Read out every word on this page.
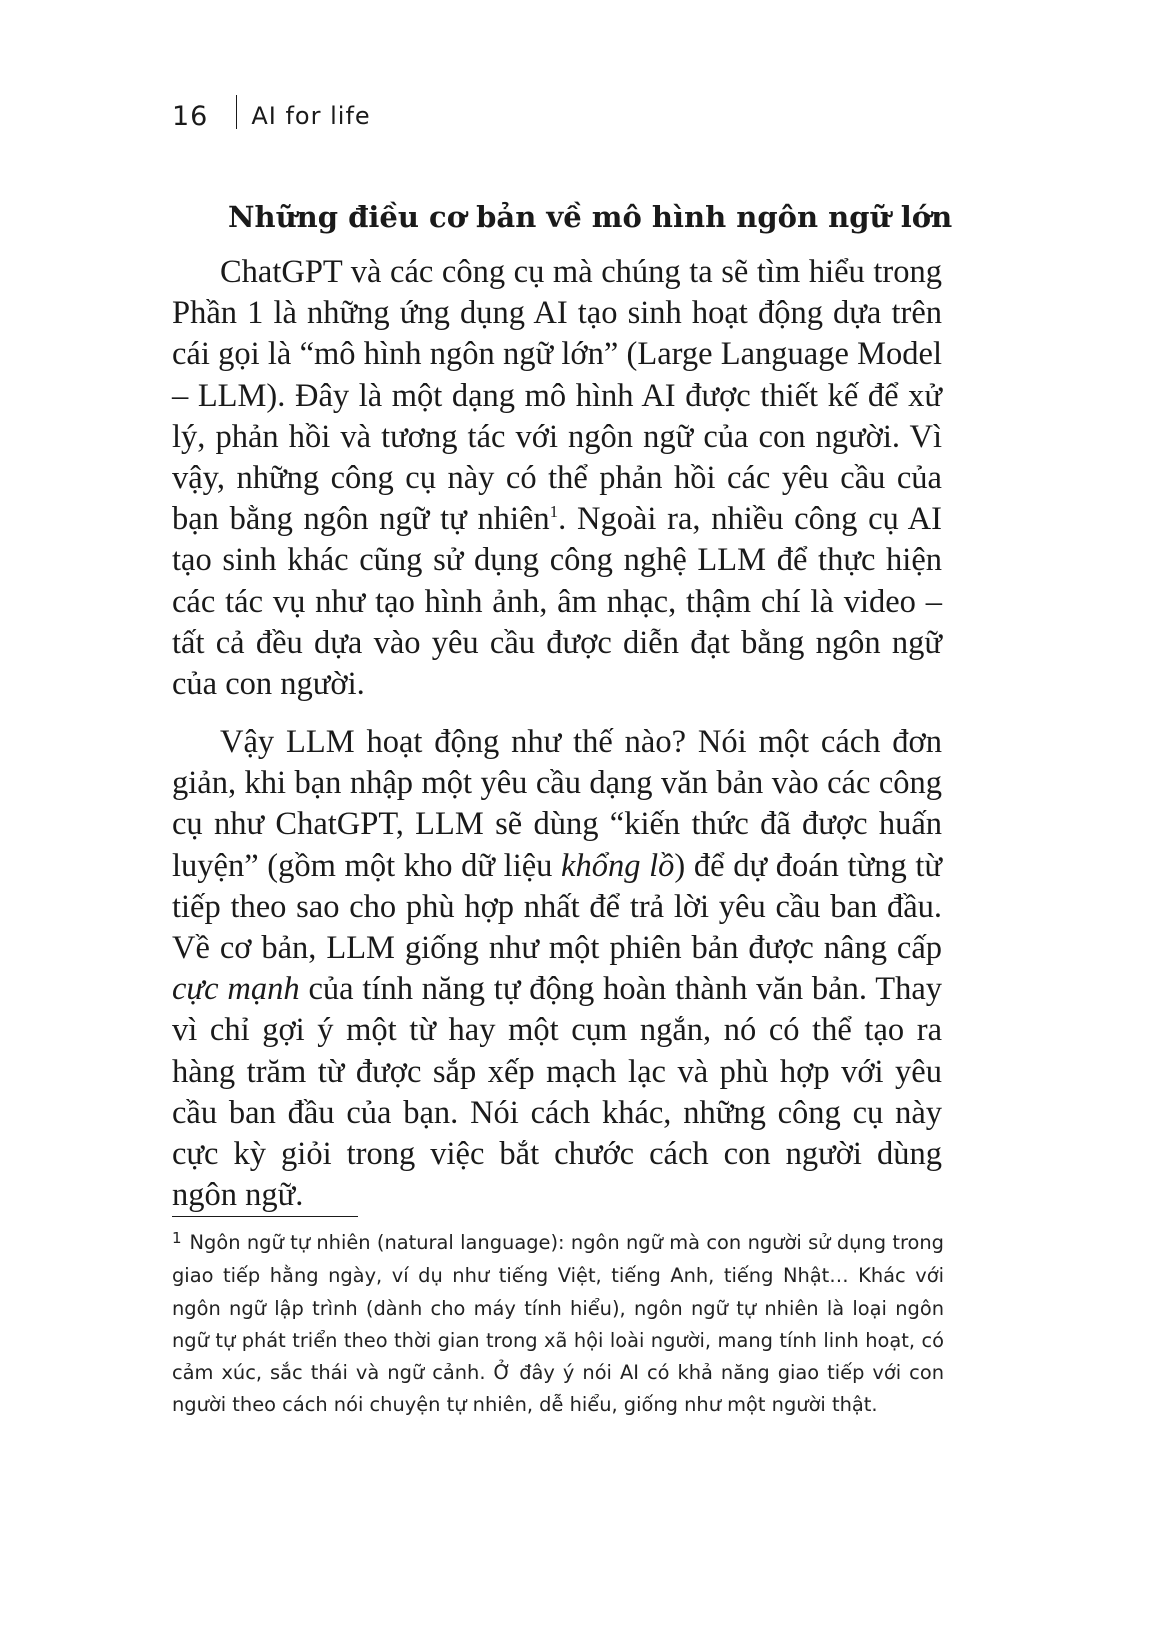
16 AI for life
Những điều cơ bản về mô hình ngôn ngữ lớn

ChatGPT và các công cụ mà chúng ta sẽ tìm hiểu trong Phần 1 là những ứng dụng AI tạo sinh hoạt động dựa trên cái gọi là “mô hình ngôn ngữ lớn” (Large Language Model – LLM). Đây là một dạng mô hình AI được thiết kế để xử lý, phản hồi và tương tác với ngôn ngữ của con người. Vì vậy, những công cụ này có thể phản hồi các yêu cầu của bạn bằng ngôn ngữ tự nhiên$^1$. Ngoài ra, nhiều công cụ AI tạo sinh khác cũng sử dụng công nghệ LLM để thực hiện các tác vụ như tạo hình ảnh, âm nhạc, thậm chí là video – tất cả đều dựa vào yêu cầu được diễn đạt bằng ngôn ngữ của con người.

Vậy LLM hoạt động như thế nào? Nói một cách đơn giản, khi bạn nhập một yêu cầu dạng văn bản vào các công cụ như ChatGPT, LLM sẽ dùng “kiến thức đã được huấn luyện” (gồm một kho dữ liệu khổng lồ) để dự đoán từng từ tiếp theo sao cho phù hợp nhất để trả lời yêu cầu ban đầu. Về cơ bản, LLM giống như một phiên bản được nâng cấp cực mạnh của tính năng tự động hoàn thành văn bản. Thay vì chỉ gợi ý một từ hay một cụm ngắn, nó có thể tạo ra hàng trăm từ được sắp xếp mạch lạc và phù hợp với yêu cầu ban đầu của bạn. Nói cách khác, những công cụ này cực kỳ giỏi trong việc bắt chước cách con người dùng ngôn ngữ.

$^1$ Ngôn ngữ tự nhiên (natural language): ngôn ngữ mà con người sử dụng trong giao tiếp hằng ngày, ví dụ như tiếng Việt, tiếng Anh, tiếng Nhật… Khác với ngôn ngữ lập trình (dành cho máy tính hiểu), ngôn ngữ tự nhiên là loại ngôn ngữ tự phát triển theo thời gian trong xã hội loài người, mang tính linh hoạt, có cảm xúc, sắc thái và ngữ cảnh. Ở đây ý nói AI có khả năng giao tiếp với con người theo cách nói chuyện tự nhiên, dễ hiểu, giống như một người thật.
